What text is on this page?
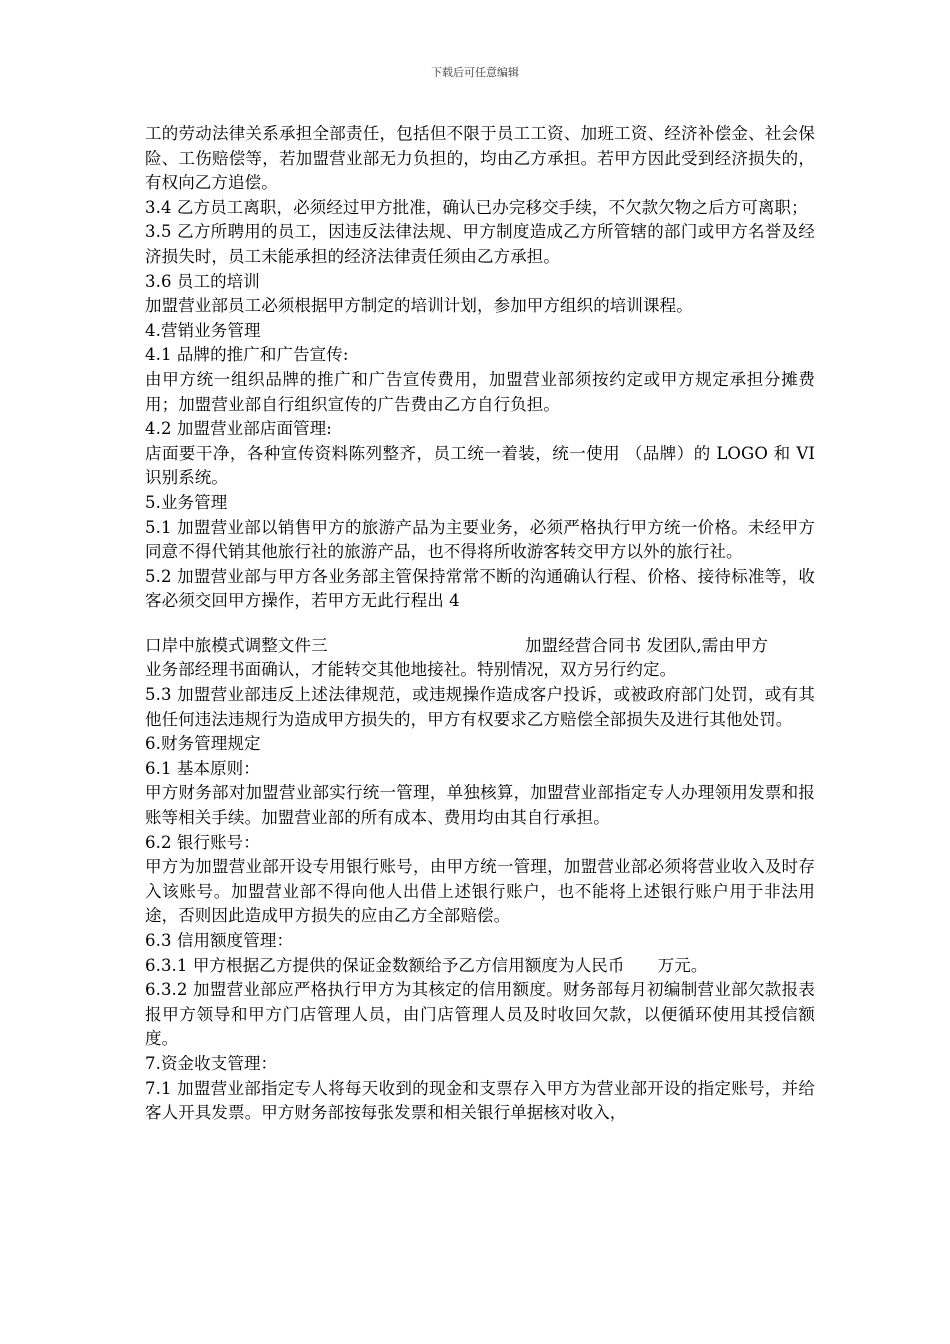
下载后可任意编辑

工的劳动法律关系承担全部责任，包括但不限于员工工资、加班工资、经济补偿金、社会保险、工伤赔偿等，若加盟营业部无力负担的，均由乙方承担。若甲方因此受到经济损失的，有权向乙方追偿。

3.4 乙方员工离职，必须经过甲方批准，确认已办完移交手续，不欠款欠物之后方可离职；

3.5 乙方所聘用的员工，因违反法律法规、甲方制度造成乙方所管辖的部门或甲方名誉及经济损失时，员工未能承担的经济法律责任须由乙方承担。

3.6 员工的培训

加盟营业部员工必须根据甲方制定的培训计划，参加甲方组织的培训课程。

4.营销业务管理

4.1 品牌的推广和广告宣传:

由甲方统一组织品牌的推广和广告宣传费用，加盟营业部须按约定或甲方规定承担分摊费用；加盟营业部自行组织宣传的广告费由乙方自行负担。

4.2 加盟营业部店面管理:

店面要干净，各种宣传资料陈列整齐，员工统一着装，统一使用 （品牌）的 LOGO 和 VI 识别系统。

5.业务管理

5.1 加盟营业部以销售甲方的旅游产品为主要业务，必须严格执行甲方统一价格。未经甲方同意不得代销其他旅行社的旅游产品，也不得将所收游客转交甲方以外的旅行社。

5.2 加盟营业部与甲方各业务部主管保持常常不断的沟通确认行程、价格、接待标准等，收客必须交回甲方操作，若甲方无此行程出 4

口岸中旅模式调整文件三	加盟经营合同书 发团队,需由甲方

业务部经理书面确认，才能转交其他地接社。特别情况，双方另行约定。

5.3 加盟营业部违反上述法律规范，或违规操作造成客户投诉，或被政府部门处罚，或有其他任何违法违规行为造成甲方损失的，甲方有权要求乙方赔偿全部损失及进行其他处罚。

6.财务管理规定

6.1 基本原则：

甲方财务部对加盟营业部实行统一管理，单独核算，加盟营业部指定专人办理领用发票和报账等相关手续。加盟营业部的所有成本、费用均由其自行承担。

6.2 银行账号：

甲方为加盟营业部开设专用银行账号，由甲方统一管理，加盟营业部必须将营业收入及时存入该账号。加盟营业部不得向他人出借上述银行账户，也不能将上述银行账户用于非法用途，否则因此造成甲方损失的应由乙方全部赔偿。

6.3 信用额度管理：

6.3.1 甲方根据乙方提供的保证金数额给予乙方信用额度为人民币　　万元。

6.3.2 加盟营业部应严格执行甲方为其核定的信用额度。财务部每月初编制营业部欠款报表报甲方领导和甲方门店管理人员，由门店管理人员及时收回欠款，以便循环使用其授信额度。

7.资金收支管理：

7.1 加盟营业部指定专人将每天收到的现金和支票存入甲方为营业部开设的指定账号，并给客人开具发票。甲方财务部按每张发票和相关银行单据核对收入，
